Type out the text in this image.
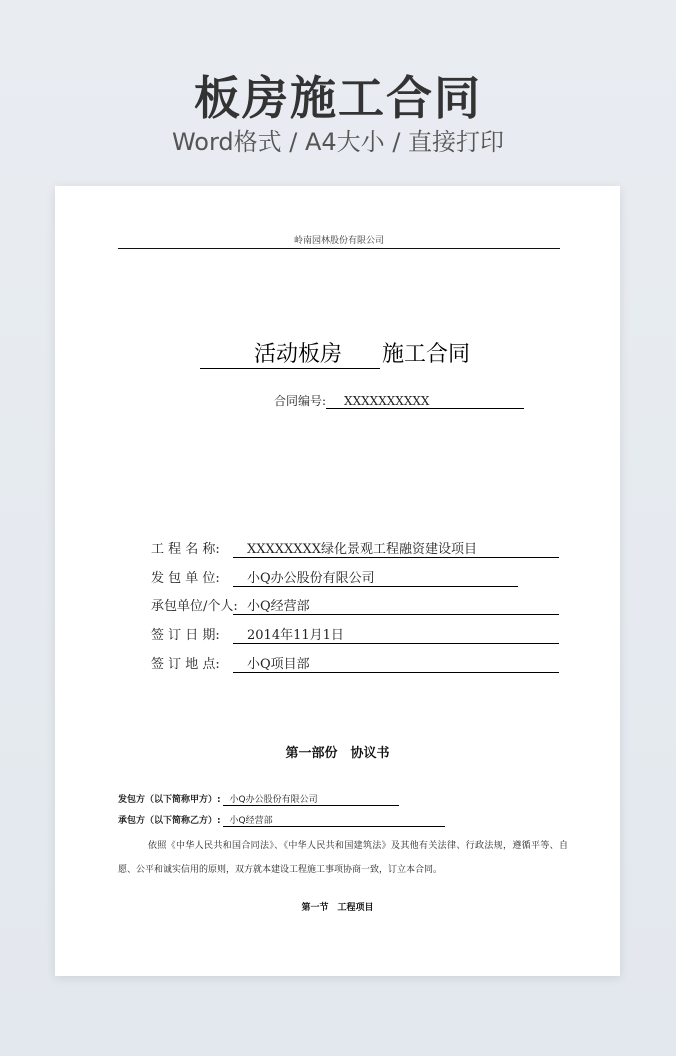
板房施工合同
Word格式 / A4大小 / 直接打印
岭南园林股份有限公司
活动板房 施工合同
合同编号: XXXXXXXXXX
工 程 名 称: XXXXXXXX绿化景观工程融资建设项目
发 包 单 位: 小Q办公股份有限公司
承包单位/个人: 小Q经营部
签 订 日 期: 2014年11月1日
签 订 地 点: 小Q项目部
第一部份　协议书
发包方（以下简称甲方）: 小Q办公股份有限公司
承包方（以下简称乙方）: 小Q经营部
依照《中华人民共和国合同法》、《中华人民共和国建筑法》及其他有关法律、行政法规，遵循平等、自愿、公平和诚实信用的原则，双方就本建设工程施工事项协商一致，订立本合同。
第一节　工程项目
